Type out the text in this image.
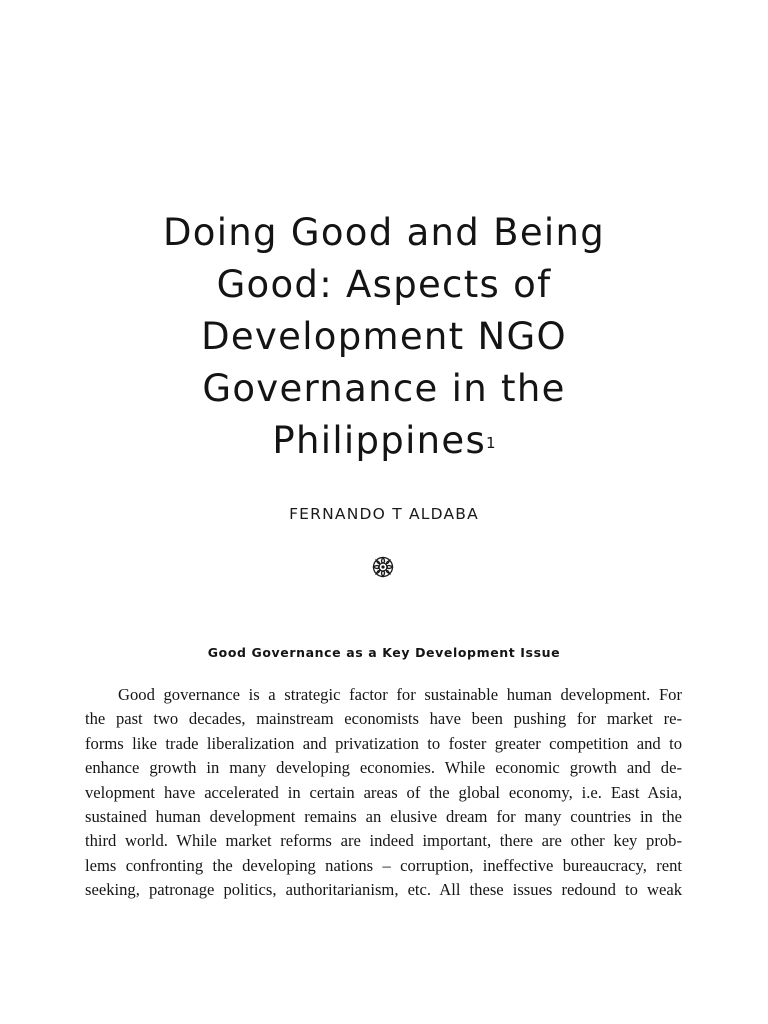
Doing Good and Being
Good: Aspects of
Development NGO
Governance in the
Philippines$^1$
FERNANDO T ALDABA
Good Governance as a Key Development Issue
Good governance is a strategic factor for sustainable human development. For
the past two decades, mainstream economists have been pushing for market re-
forms like trade liberalization and privatization to foster greater competition and to
enhance growth in many developing economies. While economic growth and de-
velopment have accelerated in certain areas of the global economy, i.e. East Asia,
sustained human development remains an elusive dream for many countries in the
third world. While market reforms are indeed important, there are other key prob-
lems confronting the developing nations – corruption, ineffective bureaucracy, rent
seeking, patronage politics, authoritarianism, etc. All these issues redound to weak
